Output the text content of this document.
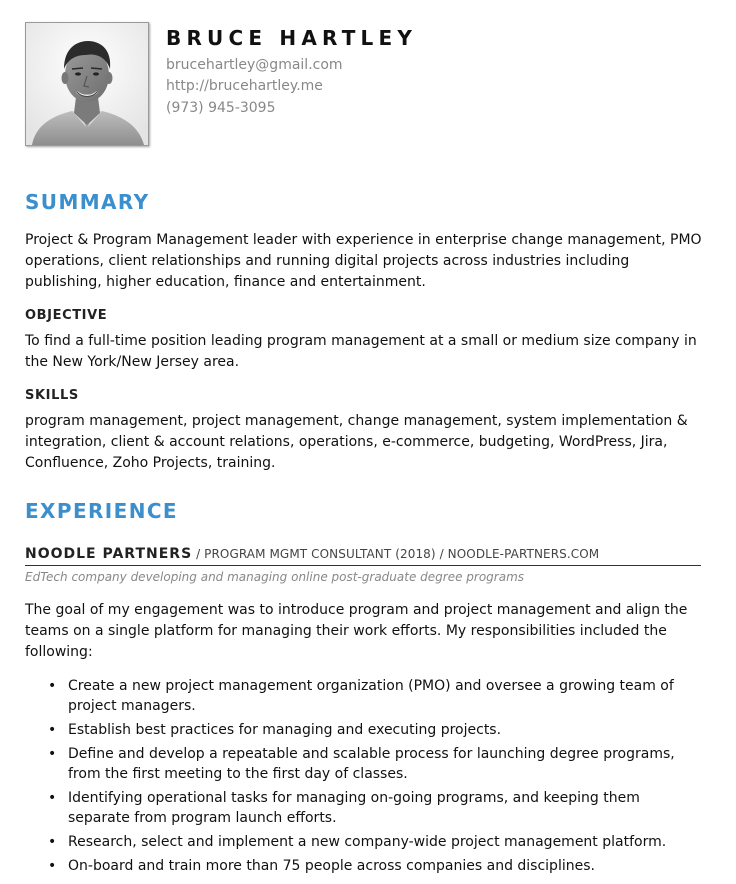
BRUCE HARTLEY
brucehartley@gmail.com
http://brucehartley.me
(973) 945-3095
SUMMARY

Project & Program Management leader with experience in enterprise change management, PMO operations, client relationships and running digital projects across industries including publishing, higher education, finance and entertainment.

OBJECTIVE

To find a full-time position leading program management at a small or medium size company in the New York/New Jersey area.

SKILLS

program management, project management, change management, system implementation & integration, client & account relations, operations, e-commerce, budgeting, WordPress, Jira, Confluence, Zoho Projects, training.

EXPERIENCE
NOODLE PARTNERS / PROGRAM MGMT CONSULTANT (2018) / NOODLE-PARTNERS.COM
EdTech company developing and managing online post-graduate degree programs

The goal of my engagement was to introduce program and project management and align the teams on a single platform for managing their work efforts. My responsibilities included the following:

• Create a new project management organization (PMO) and oversee a growing team of project managers.
• Establish best practices for managing and executing projects.
• Define and develop a repeatable and scalable process for launching degree programs, from the first meeting to the first day of classes.
• Identifying operational tasks for managing on-going programs, and keeping them separate from program launch efforts.
• Research, select and implement a new company-wide project management platform.
• On-board and train more than 75 people across companies and disciplines.
